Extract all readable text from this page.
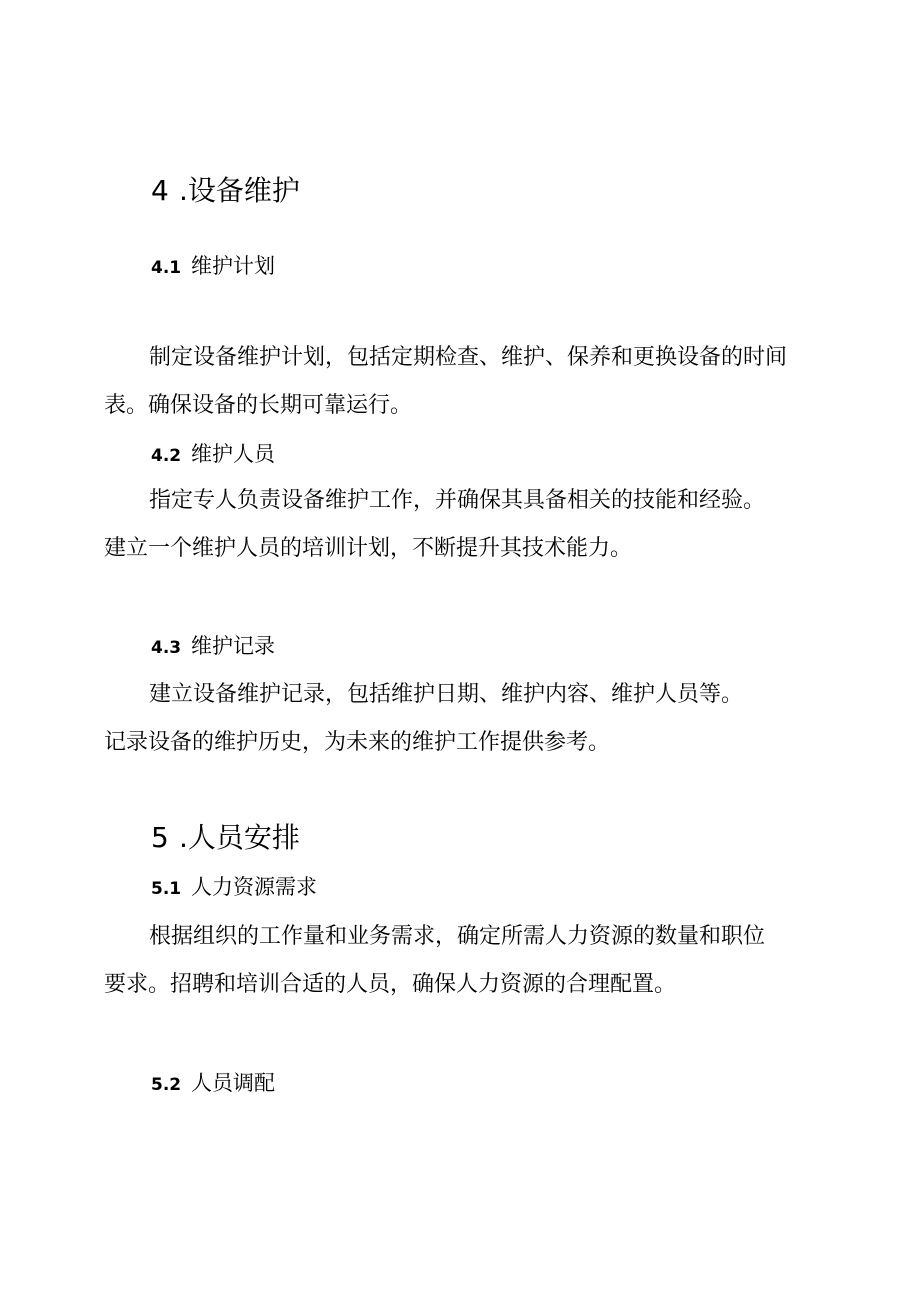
4 .设备维护
4.1 维护计划
制定设备维护计划，包括定期检查、维护、保养和更换设备的时间
表。确保设备的长期可靠运行。
4.2 维护人员
指定专人负责设备维护工作，并确保其具备相关的技能和经验。
建立一个维护人员的培训计划，不断提升其技术能力。
4.3 维护记录
建立设备维护记录，包括维护日期、维护内容、维护人员等。
记录设备的维护历史，为未来的维护工作提供参考。
5 .人员安排
5.1 人力资源需求
根据组织的工作量和业务需求，确定所需人力资源的数量和职位
要求。招聘和培训合适的人员，确保人力资源的合理配置。
5.2 人员调配
